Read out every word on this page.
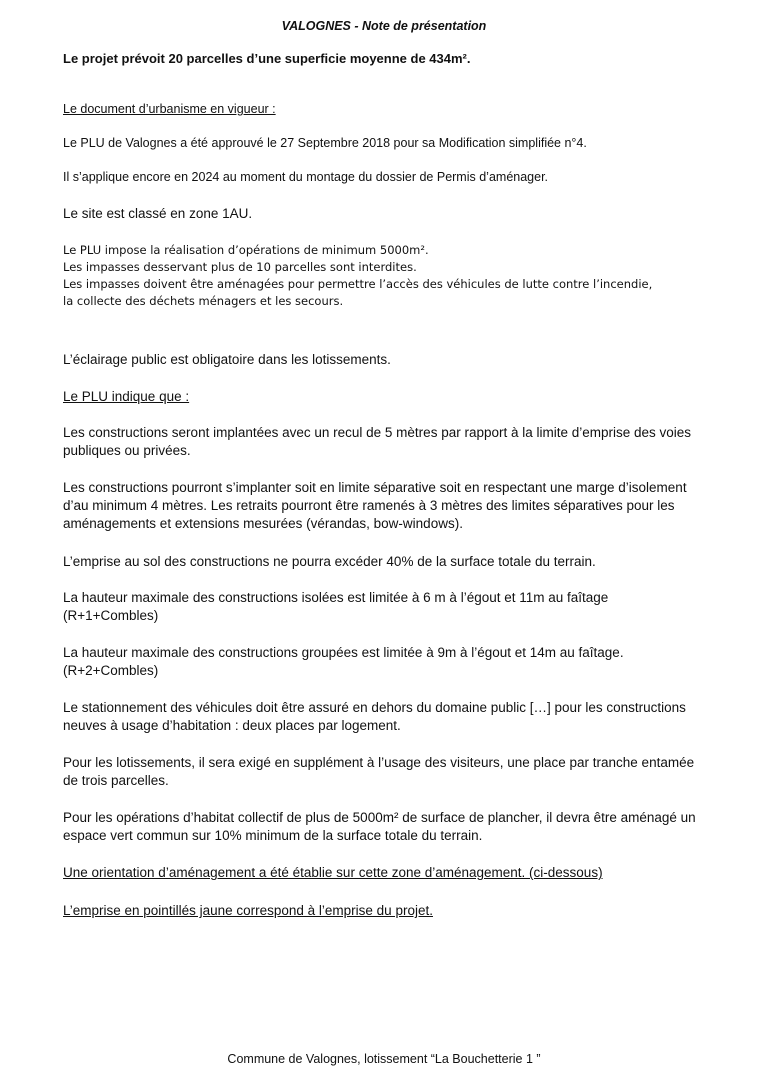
VALOGNES - Note de présentation

Le projet prévoit 20 parcelles d’une superficie moyenne de 434m².

Le document d’urbanisme en vigueur :

Le PLU de Valognes a été approuvé le 27 Septembre 2018 pour sa Modification simplifiée n°4.

Il s’applique encore en 2024 au moment du montage du dossier de Permis d’aménager.

Le site est classé en zone 1AU.

Le PLU impose la réalisation d’opérations de minimum 5000m².

Les impasses desservant plus de 10 parcelles sont interdites.

Les impasses doivent être aménagées pour permettre l’accès des véhicules de lutte contre l’incendie,

la collecte des déchets ménagers et les secours.

L’éclairage public est obligatoire dans les lotissements.

Le PLU indique que :

Les constructions seront implantées avec un recul de 5 mètres par rapport à la limite d’emprise des voies

publiques ou privées.

Les constructions pourront s’implanter soit en limite séparative soit en respectant une marge d’isolement

d’au minimum 4 mètres. Les retraits pourront être ramenés à 3 mètres des limites séparatives pour les

aménagements et extensions mesurées (vérandas, bow-windows).

L’emprise au sol des constructions ne pourra excéder 40% de la surface totale du terrain.

La hauteur maximale des constructions isolées est limitée à 6 m à l’égout et 11m au faîtage

(R+1+Combles)

La hauteur maximale des constructions groupées est limitée à 9m à l’égout et 14m au faîtage.

(R+2+Combles)

Le stationnement des véhicules doit être assuré en dehors du domaine public […] pour les constructions

neuves à usage d’habitation : deux places par logement.

Pour les lotissements, il sera exigé en supplément à l’usage des visiteurs, une place par tranche entamée

de trois parcelles.

Pour les opérations d’habitat collectif de plus de 5000m² de surface de plancher, il devra être aménagé un

espace vert commun sur 10% minimum de la surface totale du terrain.

Une orientation d’aménagement a été établie sur cette zone d’aménagement. (ci-dessous)

L’emprise en pointillés jaune correspond à l’emprise du projet.

Commune de Valognes, lotissement “La Bouchetterie 1 ”
